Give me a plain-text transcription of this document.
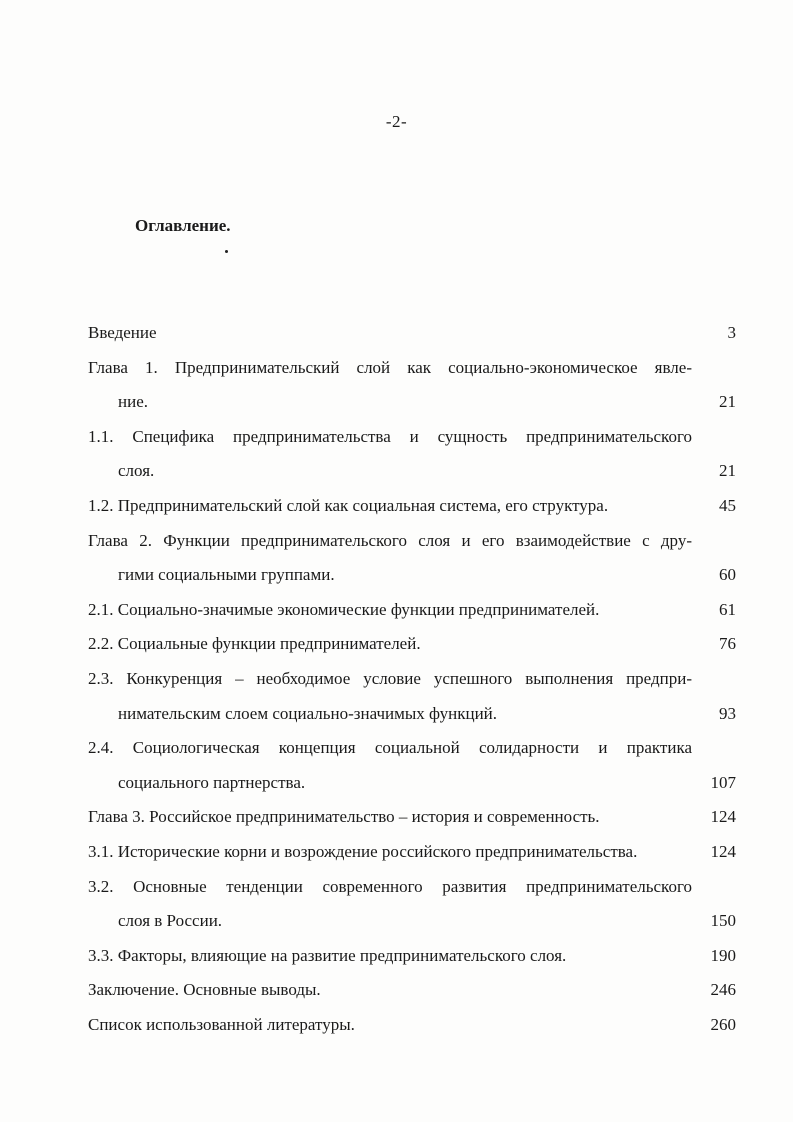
-2-
Оглавление.
Введение	3
Глава 1. Предпринимательский слой как социально-экономическое явле-
ние.	21
1.1. Специфика предпринимательства и сущность предпринимательского
слоя.	21
1.2. Предпринимательский слой как социальная система, его структура.	45
Глава 2. Функции предпринимательского слоя и его взаимодействие с дру-
гими социальными группами.	60
2.1. Социально-значимые экономические функции предпринимателей.	61
2.2. Социальные функции предпринимателей.	76
2.3. Конкуренция – необходимое условие успешного выполнения предпри-
нимательским слоем социально-значимых функций.	93
2.4. Социологическая концепция социальной солидарности и практика
социального партнерства.	107
Глава 3. Российское предпринимательство – история и современность.	124
3.1. Исторические корни и возрождение российского предпринимательства.	124
3.2. Основные тенденции современного развития предпринимательского
слоя в России.	150
3.3. Факторы, влияющие на развитие предпринимательского слоя.	190
Заключение. Основные выводы.	246
Список использованной литературы.	260
